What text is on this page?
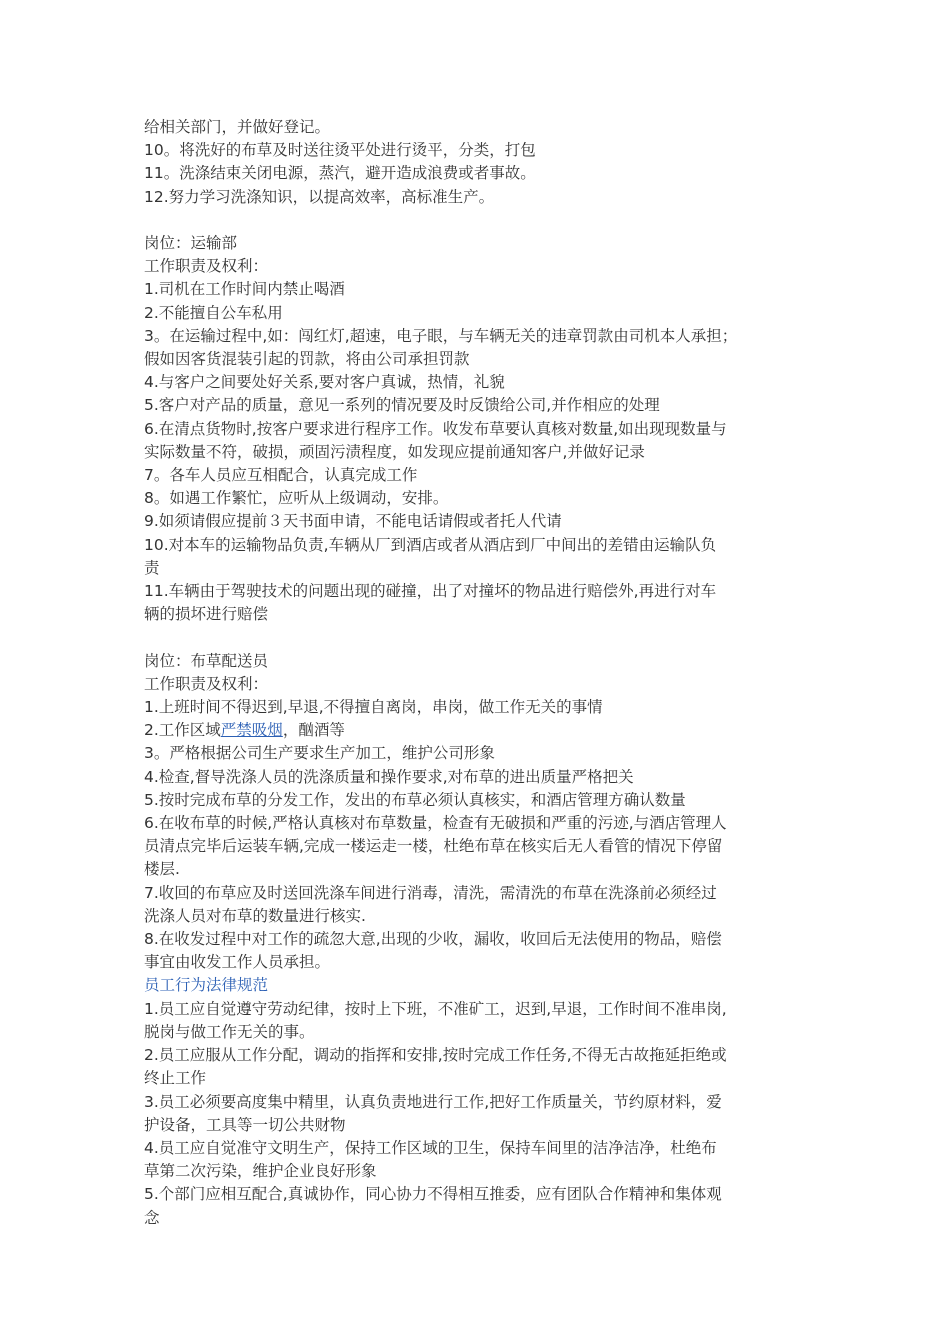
给相关部门，并做好登记。
10。将洗好的布草及时送往烫平处进行烫平，分类，打包
11。洗涤结束关闭电源，蒸汽，避开造成浪费或者事故。
12.努力学习洗涤知识，以提高效率，高标准生产。
岗位：运输部
工作职责及权利：
1.司机在工作时间内禁止喝酒
2.不能擅自公车私用
3。在运输过程中,如：闯红灯,超速，电子眼，与车辆无关的违章罚款由司机本人承担；
假如因客货混装引起的罚款，将由公司承担罚款
4.与客户之间要处好关系,要对客户真诚，热情，礼貌
5.客户对产品的质量，意见一系列的情况要及时反馈给公司,并作相应的处理
6.在清点货物时,按客户要求进行程序工作。收发布草要认真核对数量,如出现现数量与
实际数量不符，破损，顽固污渍程度，如发现应提前通知客户,并做好记录
7。各车人员应互相配合，认真完成工作
8。如遇工作繁忙，应听从上级调动，安排。
9.如须请假应提前３天书面申请，不能电话请假或者托人代请
10.对本车的运输物品负责,车辆从厂到酒店或者从酒店到厂中间出的差错由运输队负
责
11.车辆由于驾驶技术的问题出现的碰撞，出了对撞坏的物品进行赔偿外,再进行对车
辆的损坏进行赔偿
岗位：布草配送员
工作职责及权利：
1.上班时间不得迟到,早退,不得擅自离岗，串岗，做工作无关的事情
2.工作区域严禁吸烟，酗酒等
3。严格根据公司生产要求生产加工，维护公司形象
4.检查,督导洗涤人员的洗涤质量和操作要求,对布草的进出质量严格把关
5.按时完成布草的分发工作，发出的布草必须认真核实，和酒店管理方确认数量
6.在收布草的时候,严格认真核对布草数量，检查有无破损和严重的污迹,与酒店管理人
员清点完毕后运装车辆,完成一楼运走一楼，杜绝布草在核实后无人看管的情况下停留
楼层.
7.收回的布草应及时送回洗涤车间进行消毒，清洗，需清洗的布草在洗涤前必须经过
洗涤人员对布草的数量进行核实.
8.在收发过程中对工作的疏忽大意,出现的少收，漏收，收回后无法使用的物品，赔偿
事宜由收发工作人员承担。
员工行为法律规范
1.员工应自觉遵守劳动纪律，按时上下班，不准矿工，迟到,早退，工作时间不准串岗,
脱岗与做工作无关的事。
2.员工应服从工作分配，调动的指挥和安排,按时完成工作任务,不得无古故拖延拒绝或
终止工作
3.员工必须要高度集中精里，认真负责地进行工作,把好工作质量关，节约原材料，爱
护设备，工具等一切公共财物
4.员工应自觉准守文明生产，保持工作区域的卫生，保持车间里的洁净洁净，杜绝布
草第二次污染，维护企业良好形象
5.个部门应相互配合,真诚协作，同心协力不得相互推委，应有团队合作精神和集体观
念
